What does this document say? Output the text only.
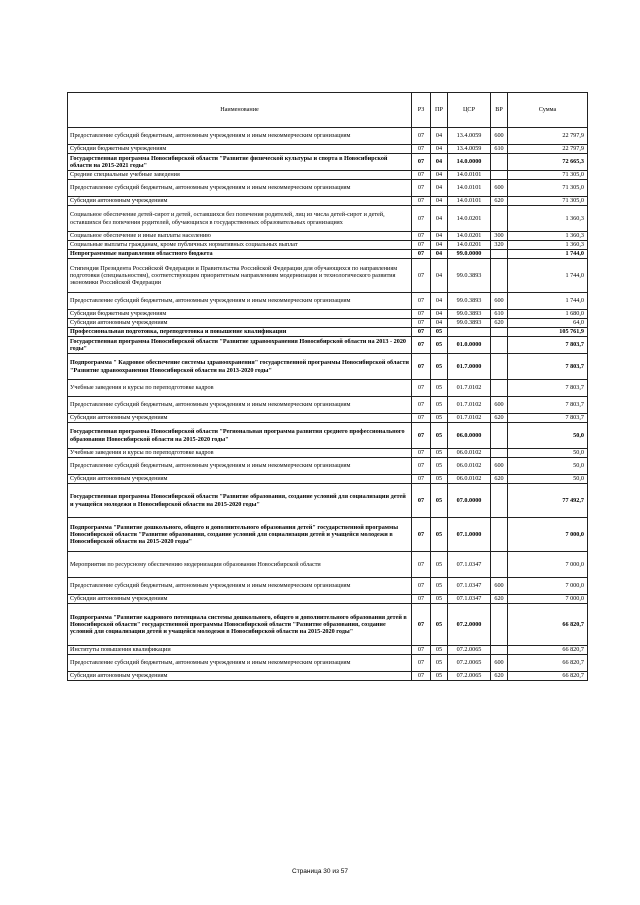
Наименование	РЗ	ПР	ЦСР	ВР	Сумма
Предоставление субсидий бюджетным, автономным учреждениям и иным некоммерческим организациям	07	04	13.4.0059	600	22 797,9
Субсидии бюджетным учреждениям	07	04	13.4.0059	610	22 797,9
Государственная программа Новосибирской области "Развитие физической культуры и спорта в Новосибирской области на 2015-2021 годы"	07	04	14.0.0000		72 665,3
Средние специальные учебные заведения	07	04	14.0.0101		71 305,0
Предоставление субсидий бюджетным, автономным учреждениям и иным некоммерческим организациям	07	04	14.0.0101	600	71 305,0
Субсидии автономным учреждениям	07	04	14.0.0101	620	71 305,0
Социальное обеспечение детей-сирот и детей, оставшихся без попечения родителей, лиц из числа детей-сирот и детей, оставшихся без попечения родителей, обучающихся в государственных образовательных организациях	07	04	14.0.0201		1 360,3
Социальное обеспечение и иные выплаты населению	07	04	14.0.0201	300	1 360,3
Социальные выплаты гражданам, кроме публичных нормативных социальных выплат	07	04	14.0.0201	320	1 360,3
Непрограммные направления областного бюджета	07	04	99.0.0000		1 744,0
Стипендия Президента Российской Федерации и Правительства Российской Федерации для обучающихся по направлениям подготовки (специальностям), соответствующим приоритетным направлениям модернизации и технологического развития экономики Российской Федерации	07	04	99.0.3893		1 744,0
Предоставление субсидий бюджетным, автономным учреждениям и иным некоммерческим организациям	07	04	99.0.3893	600	1 744,0
Субсидии бюджетным учреждениям	07	04	99.0.3893	610	1 680,0
Субсидии автономным учреждениям	07	04	99.0.3893	620	64,0
Профессиональная подготовка, переподготовка и повышение квалификации	07	05			105 761,9
Государственная программа Новосибирской области "Развитие здравоохранения Новосибирской области на 2013 - 2020 годы"	07	05	01.0.0000		7 803,7
Подпрограмма " Кадровое обеспечение системы здравоохранения" государственной программы Новосибирской области "Развитие здравоохранения Новосибирской области на 2013-2020 годы"	07	05	01.7.0000		7 803,7
Учебные заведения и курсы по переподготовке кадров	07	05	01.7.0102		7 803,7
Предоставление субсидий бюджетным, автономным учреждениям и иным некоммерческим организациям	07	05	01.7.0102	600	7 803,7
Субсидии автономным учреждениям	07	05	01.7.0102	620	7 803,7
Государственная программа Новосибирской области "Региональная программа развития среднего профессионального образования Новосибирской области на 2015-2020 годы"	07	05	06.0.0000		50,0
Учебные заведения и курсы по переподготовке кадров	07	05	06.0.0102		50,0
Предоставление субсидий бюджетным, автономным учреждениям и иным некоммерческим организациям	07	05	06.0.0102	600	50,0
Субсидии автономным учреждениям	07	05	06.0.0102	620	50,0
Государственная программа Новосибирской области "Развитие образования, создание условий для социализации детей и учащейся молодежи в Новосибирской области на 2015-2020 годы"	07	05	07.0.0000		77 492,7
Подпрограмма "Развитие дошкольного, общего и дополнительного образования детей" государственной программы Новосибирской области "Развитие образования, создание условий для социализации детей и учащейся молодежи в Новосибирской области на 2015-2020 годы"	07	05	07.1.0000		7 000,0
Мероприятия по ресурсному обеспечению модернизации образования Новосибирской области	07	05	07.1.0347		7 000,0
Предоставление субсидий бюджетным, автономным учреждениям и иным некоммерческим организациям	07	05	07.1.0347	600	7 000,0
Субсидии автономным учреждениям	07	05	07.1.0347	620	7 000,0
Подпрограмма "Развитие кадрового потенциала системы дошкольного, общего и дополнительного образования детей в Новосибирской области" государственной программы Новосибирской области "Развитие образования, создание условий для социализации детей и учащейся молодежи в Новосибирской области на 2015-2020 годы"	07	05	07.2.0000		66 820,7
Институты повышения квалификации	07	05	07.2.0065		66 820,7
Предоставление субсидий бюджетным, автономным учреждениям и иным некоммерческим организациям	07	05	07.2.0065	600	66 820,7
Субсидии автономным учреждениям	07	05	07.2.0065	620	66 820,7
Страница 30 из 57
